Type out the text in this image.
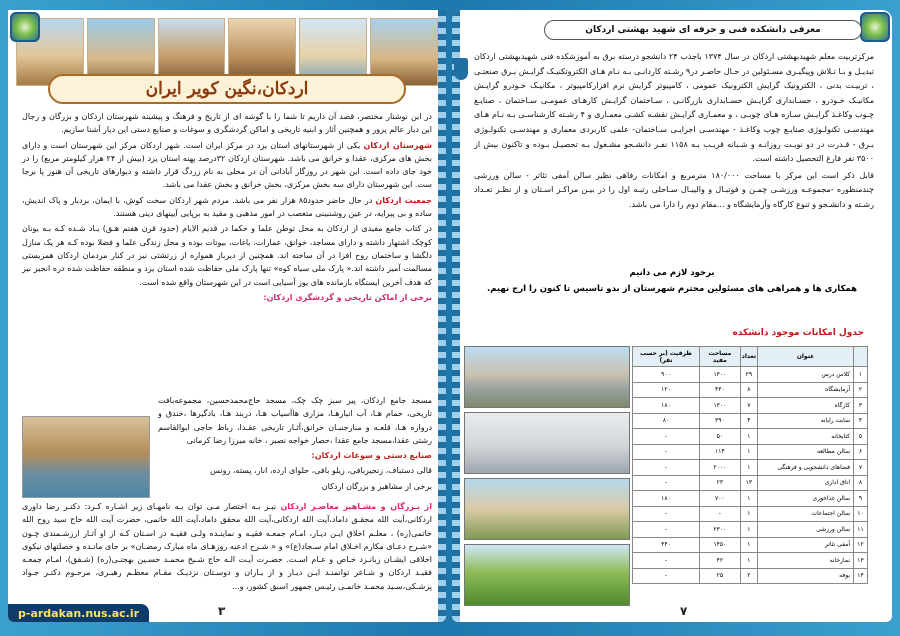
اردکان،نگین کویر ایران

در این نوشتار مختصر، قصد آن داریم تا شما را با گوشه ای از تاریخ و فرهنگ و پیشینه شهرستان اردکان و بزرگان و رجال این دیار عالم پرور و همچنین آثار و ابنیه تاریخی و اماکن گردشگری و سوغات و صنایع دستی این دیار آشنا سازیم.

شهرستان اردکان یکی از شهرستانهای استان یزد در مرکز ایران است. شهر اردکان مرکز این شهرستان است و دارای بخش های مرکزی، عقدا و خرانق می باشد. شهرستان اردکان ۳۲درصد پهنه استان یزد (بیش از ۲۴ هزار کیلومتر مربع) را در خود جای داده است. این شهر در روزگار آبادانی آن در محلی به نام زردگ قرار داشته و دیوارهای تاریخی آن هنوز پا برجا ست. این شهرستان دارای سه بخش مرکزی، بخش خرانق و بخش عقدا می باشد.

جمعیت اردکان در حال حاضر حدود۸۵ هزار نفر می باشد. مردم شهر اردکان سخت کوش، با ایمان، بردبار و پاک اندیش، ساده و بی پیرایه، در عین روشنبینی متعصب در امور مذهبی و مقید به برپایی آیینهای دینی هستند.

در کتاب جامع مفیدی از اردکان به محل توطن علما و حکما در قدیم الایام (حدود قرن هفتم هـق) یـاد شـده کـه بـه یونان کوچک اشتهار داشته و دارای مساجد، خوانق، عمارات، باغات، بیوتات بوده و محل زندگی علما و فضلا بوده کـه هر یک منازل دلگشا و ساختمان روح افزا در آن ساخته اند. همچنین از دیرباز همواره از زرتشتی نیز در کنار مردمان اردکان همزیستی مسالمت آمیز داشته اند.« پارک ملی سیاه کوه» تنها پارک ملی حفاظت شده استان یزد و منطقه حفاظت شده دره انجیر نیز که هدف آخرین ایستگاه بازمانده های یوز آسیایی است در این شهرستان واقع شده است.

برخی از اماکن تاریخی و گردشگری اردکان:

مسجد جامع اردکان، پیر سبز چک چک، مسجد حاج‌محمدحسین، مجموعه‌بافت تاریخی، حمام هـا، آب انبارهـا، مزاری هاآسیاب هـا، دربند هـا، بادگیرها ،خندق و دروازه هـا، قلعـه و منارجنبـان خرانق،آثـار تاریخی عقـدا، رباط حاجی ابوالقاسم رشتی عقدا،مسجد جامع عقدا ،حصار خواجه نصیر ، خانه میرزا رضا کرمانی

صنایع دستی و سوغات اردکان:

قالی دستباف، زنجیربافی، زیلو بافی، حلوای ارده، انار، پسته، رونس

برخی از مشاهیر و بزرگان اردکان

از بـزرگان و مشـاهیر معاصـر اردکان نیـز بـه اختصار مـی توان بـه نامهـای زیر اشـاره کـرد: دکتـر رضا داوری اردکانی،آیت الله محقـق داماد،آیت الله اردکانی،آیت الله محقق داماد،آیت الله خاتمی، حضرت آیت الله حاج سید روح الله خاتمی(ره) ، معلـم اخلاق ایـن دیـار، امـام جمعـه فقیـه و نماینـده ولـی فقیـه در اسـتان کـه از او آثـار ارزشـمندی چـون «شـرح دعـای مکارم اخـلاق امام سـجاد(ع)» و « شـرح ادعیه روزهـای ماه مبارک رمضـان» بر جای مانـده و خصلتهای نیکوی اخلاقی ایشـان زبانـزد خـاص و عـام اسـت. حضـرت آیـت الـه حاج شـیخ محمـد حسـین بهجتـی(ره) (شـفق)، امـام جمعـه فقیـد اردکان و شـاعر توانمنـد ایـن دیـار و از یـاران و دوسـتان نزدیـک مقـام معظـم رهبـری، مرحـوم دکتـر جـواد پزشـکی،سـید محمـد خاتمـی رئیـس جمهور اسبق کشور، و...

۳
p-ardakan.nus.ac.ir
معرفی دانشکده فنی و حرفه ای شهید بهشتی اردکان

مرکزتربیت معلم شهیدبهشتی اردکان در سال ۱۳۷۴ باجذب ۲۴ دانشجو درسته برق به آموزشکده فنی شهیدبهشتی اردکان تبدیـل و بـا تـلاش وپیگیـری مسـئولین در حـال حاضـر در۹ رشـته کاردانـی بـه نـام هـای الکتروتکنیـک گرایـش بـرق صنعتـی ، تربیـت بدنی ، الکترونیک گرایش الکترونیک عمومی ، کامپیوتر گرایش نرم افزارکامپیوتر ، مکانیـک خـودرو گرایـش مکانیـک خـودرو ، حسـابداری گرایـش حسـابداری بازرگانـی ، سـاختمان گرایـش کارهـای عمومـی سـاختمان ، صنایـع چـوب وکاغـذ گرایـش سـازه هـای چوبـی ، و معمـاری گرایـش نقشـه کشـی معمـاری و ۴ رشـته کارشناسـی بـه نـام هـای مهندسـی تکنولـوژی صنایـع چوب وکاغـذ - مهندسـی اجرایـی سـاختمان- علمی کاربردی معماری و مهندسـی تکنولـوژی بـرق - قـدرت در دو نوبـت روزانـه و شـبانه قریـب بـه ۱۱۵۸ نفـر دانشـجو مشـغول بـه تحصیـل بـوده و تاکنون بیش از ۳۵۰۰ نفر فارغ التحصیل داشته است.

قابل ذکر است این مرکز با مساحت ۱۸۰/۰۰۰ مترمربع و امکانات رفاهی نظیر سالن آمفی تئاتر - سالن ورزشی چندمنظوره -مجموعـه ورزشـی چمـن و فوتبـال و والیبـال سـاحلی رتبـه اول را در بیـن مراکـز اسـتان و از نظـر تعـداد رشـته و دانشـجو و تنوع کارگاه وآزمایشگاه و ...مقام دوم را دارا می باشد.

برخود لازم می دانیم
همکاری ها و همراهی های مسئولین محترم شهرستان از بدو تاسیس تا کنون را ارج نهیم.
جدول امکانات موجود دانشکده
	عنوان	تعداد	مساحت مفید	ظرفیت (بر حسب نفر)
۱	کلاس درس	۲۹	۱۳۰۰	۹۰۰
۲	آزمایشگاه	۸	۴۳۰	۱۲۰
۳	کارگاه	۷	۱۳۰۰	۱۸۰
۴	سایت رایانه	۴	۳۹۰	۸۰
۵	کتابخانه	۱	۵۰	-
۶	سالن مطالعه	۱	۱۱۴	-
۷	فضاهای دانشجویی و فرهنگی	۱	۲۰۰۰	-
۸	اتاق اداری	۱۳	۲۳	-
۹	سالن غذاخوری	۱	۷۰۰	۱۸۰
۱۰	سالن اجتماعات	۱	-	-
۱۱	سالن ورزشی	۱	۲۳۰۰	-
۱۲	آمفی تئاتر	۱	۱۴۵۰	۴۴۰
۱۳	نمازخانه	۱	۴۲	-
۱۴	بوفه	۲	۲۵	-
۷
